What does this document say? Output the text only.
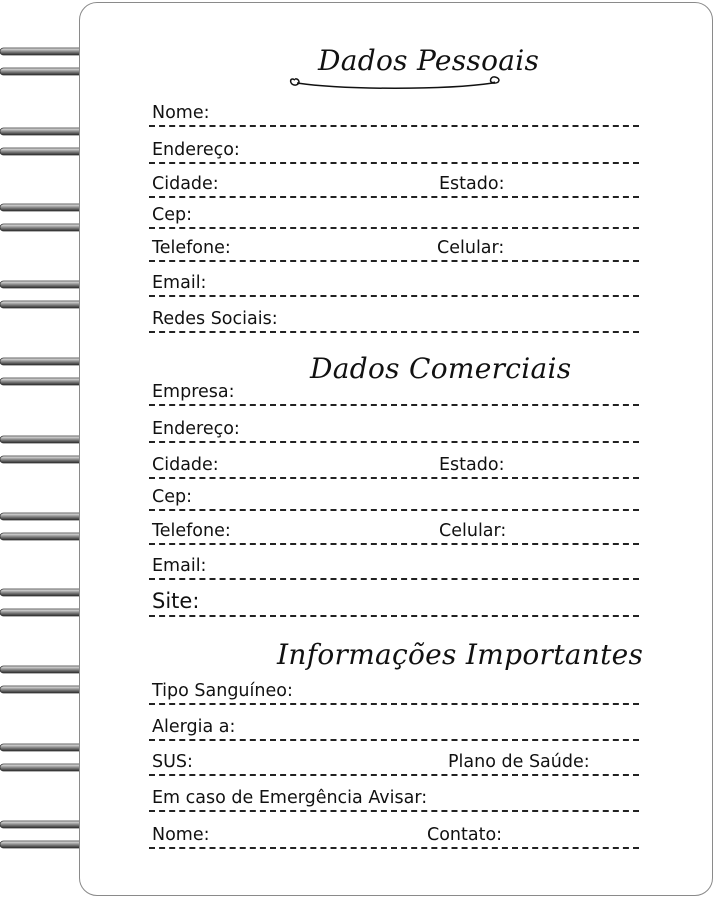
Dados Pessoais
Nome:
Endereço:
Cidade:	Estado:
Cep:
Telefone:	Celular:
Email:
Redes Sociais:
Dados Comerciais
Empresa:
Endereço:
Cidade:	Estado:
Cep:
Telefone:	Celular:
Email:
Site:
Informações Importantes
Tipo Sanguíneo:
Alergia a:
SUS:	Plano de Saúde:
Em caso de Emergência Avisar:
Nome:	Contato:
